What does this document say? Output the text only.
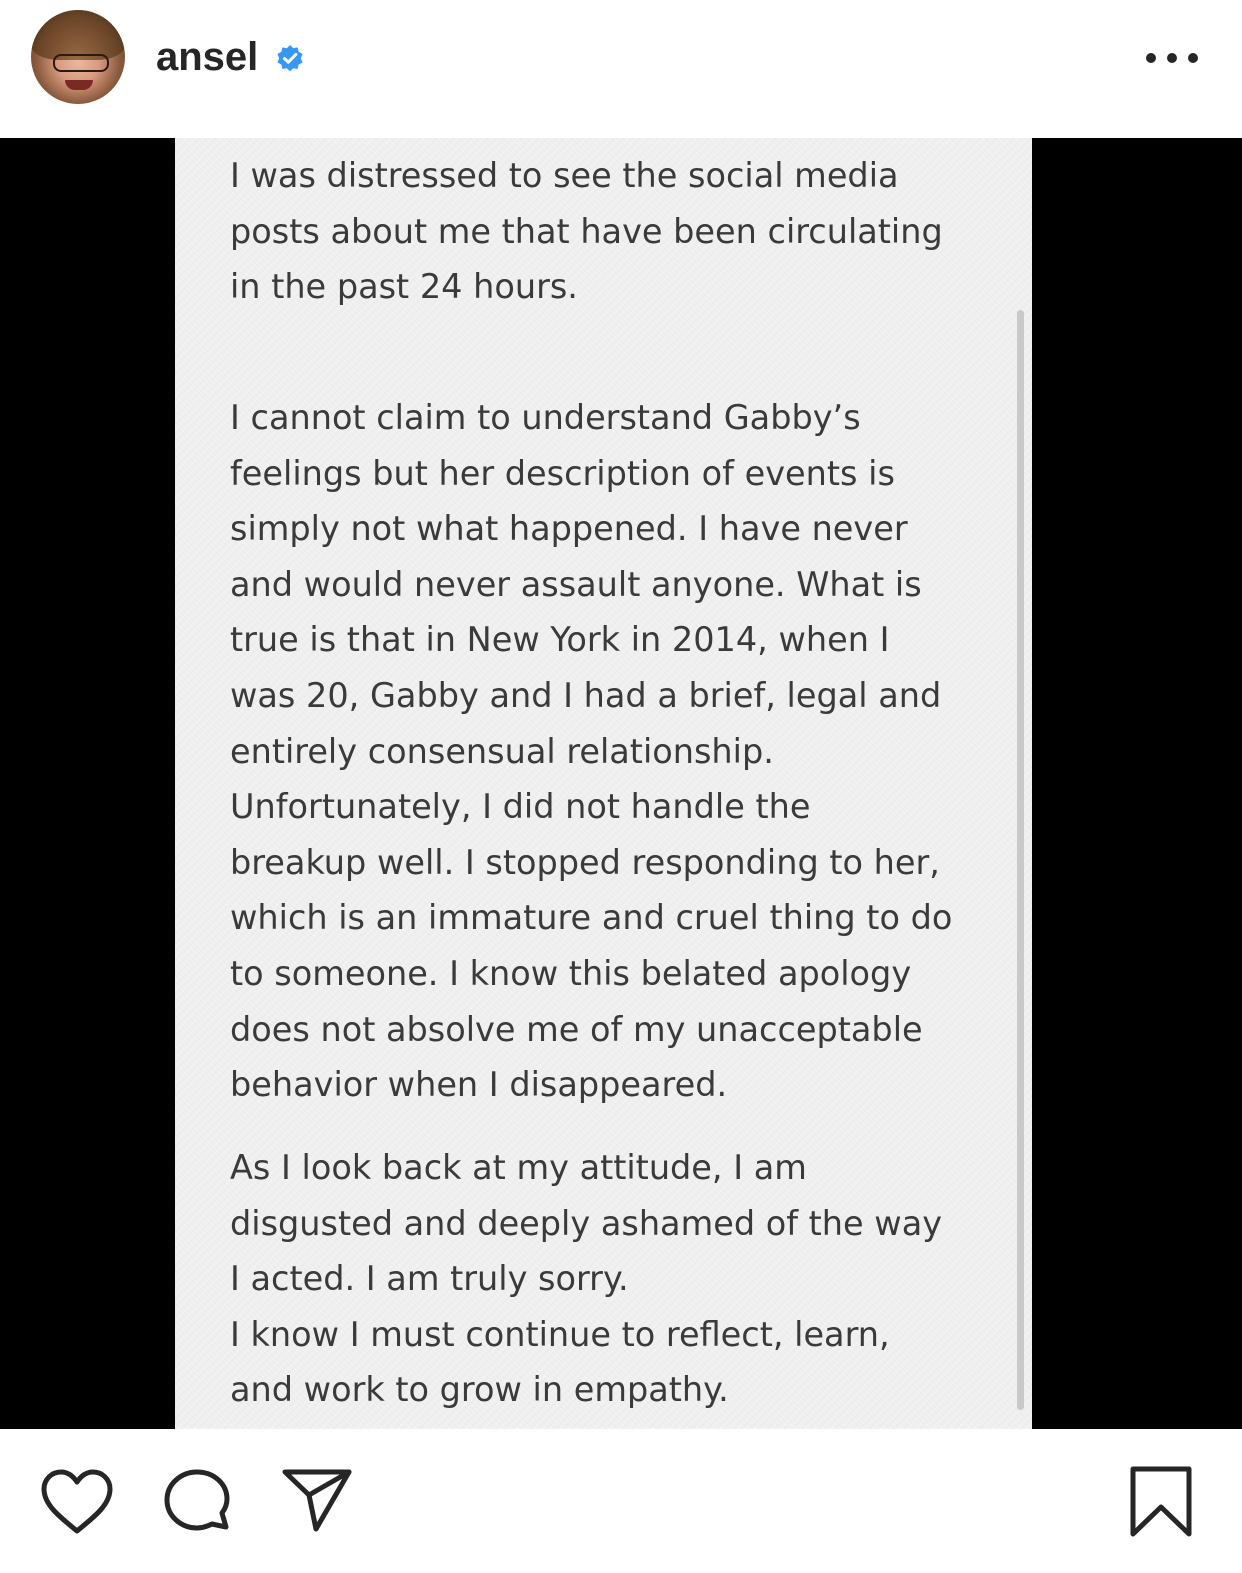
ansel

I was distressed to see the social media
posts about me that have been circulating
in the past 24 hours.

I cannot claim to understand Gabby’s
feelings but her description of events is
simply not what happened. I have never
and would never assault anyone. What is
true is that in New York in 2014, when I
was 20, Gabby and I had a brief, legal and
entirely consensual relationship.
Unfortunately, I did not handle the
breakup well. I stopped responding to her,
which is an immature and cruel thing to do
to someone. I know this belated apology
does not absolve me of my unacceptable
behavior when I disappeared.

As I look back at my attitude, I am
disgusted and deeply ashamed of the way
I acted. I am truly sorry.
I know I must continue to reflect, learn,
and work to grow in empathy.
